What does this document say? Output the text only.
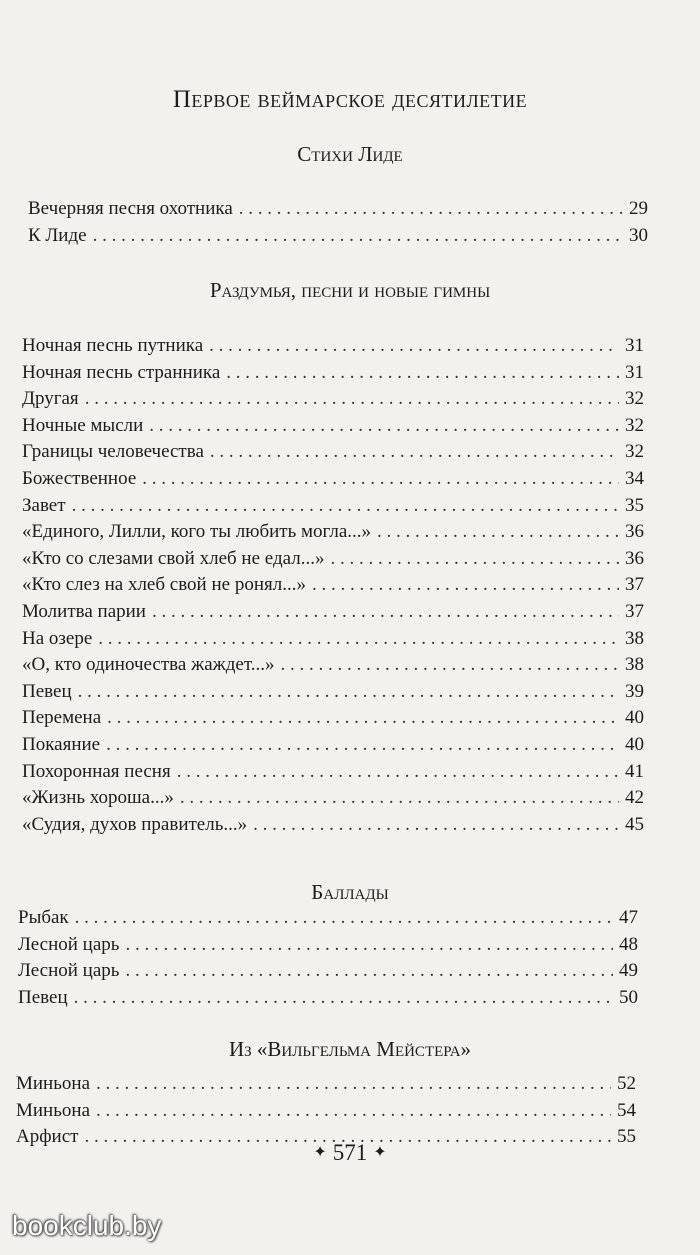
Первое веймарское десятилетие
Стихи Лиде
Вечерняя песня охотника . . .	29
К Лиде . . .	30
Раздумья, песни и новые гимны
Ночная песнь путника . . .	31
Ночная песнь странника . . .	31
Другая . . .	32
Ночные мысли . . .	32
Границы человечества . . .	32
Божественное . . .	34
Завет . . .	35
«Единого, Лилли, кого ты любить могла...» . . .	36
«Кто со слезами свой хлеб не едал...» . . .	36
«Кто слез на хлеб свой не ронял...» . . .	37
Молитва парии . . .	37
На озере . . .	38
«О, кто одиночества жаждет...» . . .	38
Певец . . .	39
Перемена . . .	40
Покаяние . . .	40
Похоронная песня . . .	41
«Жизнь хороша...» . . .	42
«Судия, духов правитель...» . . .	45
Баллады
Рыбак . . .	47
Лесной царь . . .	48
Лесной царь . . .	49
Певец . . .	50
Из «Вильгельма Мейстера»
Миньона . . .	52
Миньона . . .	54
Арфист . . .	55
✦ 571 ✦
bookclub.by
